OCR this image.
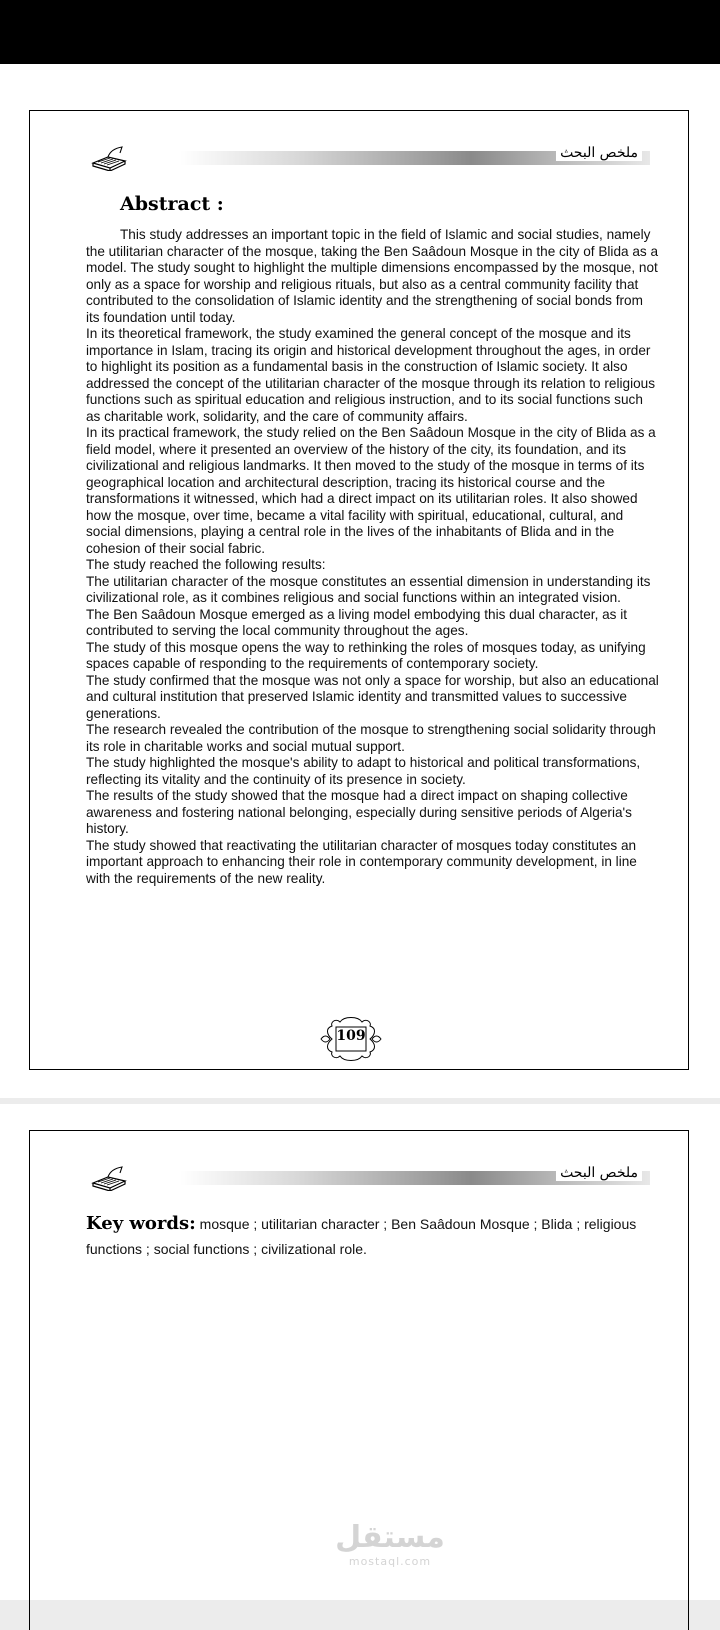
ملخص البحث
Abstract :

This study addresses an important topic in the field of Islamic and social studies, namely the utilitarian character of the mosque, taking the Ben Saâdoun Mosque in the city of Blida as a model. The study sought to highlight the multiple dimensions encompassed by the mosque, not only as a space for worship and religious rituals, but also as a central community facility that contributed to the consolidation of Islamic identity and the strengthening of social bonds from its foundation until today.

In its theoretical framework, the study examined the general concept of the mosque and its importance in Islam, tracing its origin and historical development throughout the ages, in order to highlight its position as a fundamental basis in the construction of Islamic society. It also addressed the concept of the utilitarian character of the mosque through its relation to religious functions such as spiritual education and religious instruction, and to its social functions such as charitable work, solidarity, and the care of community affairs.

In its practical framework, the study relied on the Ben Saâdoun Mosque in the city of Blida as a field model, where it presented an overview of the history of the city, its foundation, and its civilizational and religious landmarks. It then moved to the study of the mosque in terms of its geographical location and architectural description, tracing its historical course and the transformations it witnessed, which had a direct impact on its utilitarian roles. It also showed how the mosque, over time, became a vital facility with spiritual, educational, cultural, and social dimensions, playing a central role in the lives of the inhabitants of Blida and in the cohesion of their social fabric.

The study reached the following results:

The utilitarian character of the mosque constitutes an essential dimension in understanding its civilizational role, as it combines religious and social functions within an integrated vision.

The Ben Saâdoun Mosque emerged as a living model embodying this dual character, as it contributed to serving the local community throughout the ages.

The study of this mosque opens the way to rethinking the roles of mosques today, as unifying spaces capable of responding to the requirements of contemporary society.

The study confirmed that the mosque was not only a space for worship, but also an educational and cultural institution that preserved Islamic identity and transmitted values to successive generations.

The research revealed the contribution of the mosque to strengthening social solidarity through its role in charitable works and social mutual support.

The study highlighted the mosque's ability to adapt to historical and political transformations, reflecting its vitality and the continuity of its presence in society.

The results of the study showed that the mosque had a direct impact on shaping collective awareness and fostering national belonging, especially during sensitive periods of Algeria's history.

The study showed that reactivating the utilitarian character of mosques today constitutes an important approach to enhancing their role in contemporary community development, in line with the requirements of the new reality.

109
ملخص البحث
Key words: mosque ; utilitarian character ; Ben Saâdoun Mosque ; Blida ; religious functions ; social functions ; civilizational role.
مستقل
mostaql.com
